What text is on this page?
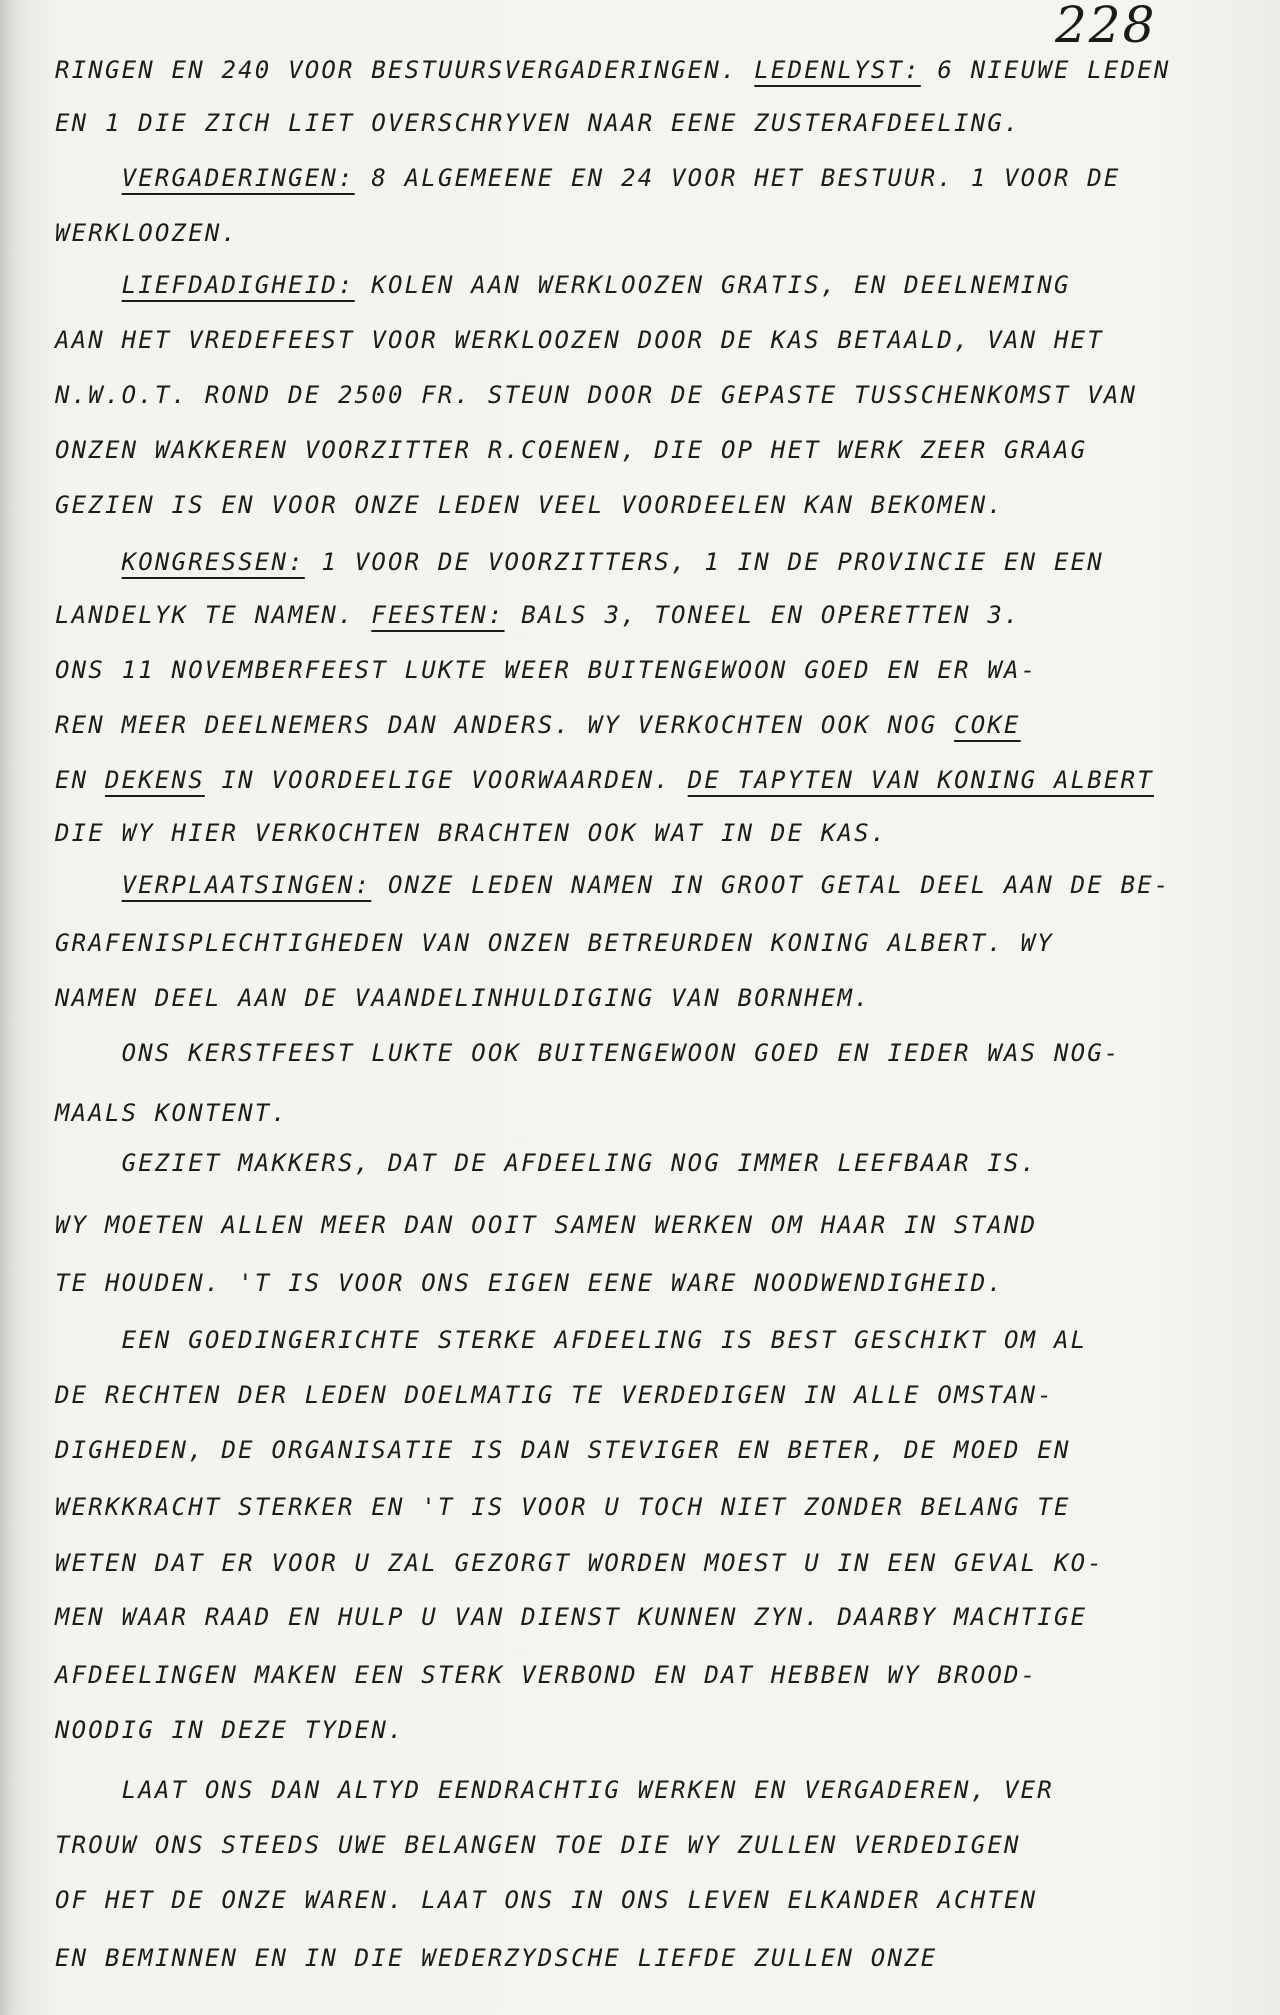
228
RINGEN EN 240 VOOR BESTUURSVERGADERINGEN. LEDENLYST: 6 NIEUWE LEDEN
EN 1 DIE ZICH LIET OVERSCHRYVEN NAAR EENE ZUSTERAFDEELING.
VERGADERINGEN: 8 ALGEMEENE EN 24 VOOR HET BESTUUR. 1 VOOR DE
WERKLOOZEN.
LIEFDADIGHEID: KOLEN AAN WERKLOOZEN GRATIS, EN DEELNEMING
AAN HET VREDEFEEST VOOR WERKLOOZEN DOOR DE KAS BETAALD, VAN HET
N.W.O.T. ROND DE 2500 FR. STEUN DOOR DE GEPASTE TUSSCHENKOMST VAN
ONZEN WAKKEREN VOORZITTER R.COENEN, DIE OP HET WERK ZEER GRAAG
GEZIEN IS EN VOOR ONZE LEDEN VEEL VOORDEELEN KAN BEKOMEN.
KONGRESSEN: 1 VOOR DE VOORZITTERS, 1 IN DE PROVINCIE EN EEN
LANDELYK TE NAMEN. FEESTEN: BALS 3, TONEEL EN OPERETTEN 3.
ONS 11 NOVEMBERFEEST LUKTE WEER BUITENGEWOON GOED EN ER WA-
REN MEER DEELNEMERS DAN ANDERS. WY VERKOCHTEN OOK NOG COKE
EN DEKENS IN VOORDEELIGE VOORWAARDEN. DE TAPYTEN VAN KONING ALBERT
DIE WY HIER VERKOCHTEN BRACHTEN OOK WAT IN DE KAS.
VERPLAATSINGEN: ONZE LEDEN NAMEN IN GROOT GETAL DEEL AAN DE BE-
GRAFENISPLECHTIGHEDEN VAN ONZEN BETREURDEN KONING ALBERT. WY
NAMEN DEEL AAN DE VAANDELINHULDIGING VAN BORNHEM.
ONS KERSTFEEST LUKTE OOK BUITENGEWOON GOED EN IEDER WAS NOG-
MAALS KONTENT.
GEZIET MAKKERS, DAT DE AFDEELING NOG IMMER LEEFBAAR IS.
WY MOETEN ALLEN MEER DAN OOIT SAMEN WERKEN OM HAAR IN STAND
TE HOUDEN. 'T IS VOOR ONS EIGEN EENE WARE NOODWENDIGHEID.
EEN GOEDINGERICHTE STERKE AFDEELING IS BEST GESCHIKT OM AL
DE RECHTEN DER LEDEN DOELMATIG TE VERDEDIGEN IN ALLE OMSTAN-
DIGHEDEN, DE ORGANISATIE IS DAN STEVIGER EN BETER, DE MOED EN
WERKKRACHT STERKER EN 'T IS VOOR U TOCH NIET ZONDER BELANG TE
WETEN DAT ER VOOR U ZAL GEZORGT WORDEN MOEST U IN EEN GEVAL KO-
MEN WAAR RAAD EN HULP U VAN DIENST KUNNEN ZYN. DAARBY MACHTIGE
AFDEELINGEN MAKEN EEN STERK VERBOND EN DAT HEBBEN WY BROOD-
NOODIG IN DEZE TYDEN.
LAAT ONS DAN ALTYD EENDRACHTIG WERKEN EN VERGADEREN, VER
TROUW ONS STEEDS UWE BELANGEN TOE DIE WY ZULLEN VERDEDIGEN
OF HET DE ONZE WAREN. LAAT ONS IN ONS LEVEN ELKANDER ACHTEN
EN BEMINNEN EN IN DIE WEDERZYDSCHE LIEFDE ZULLEN ONZE
